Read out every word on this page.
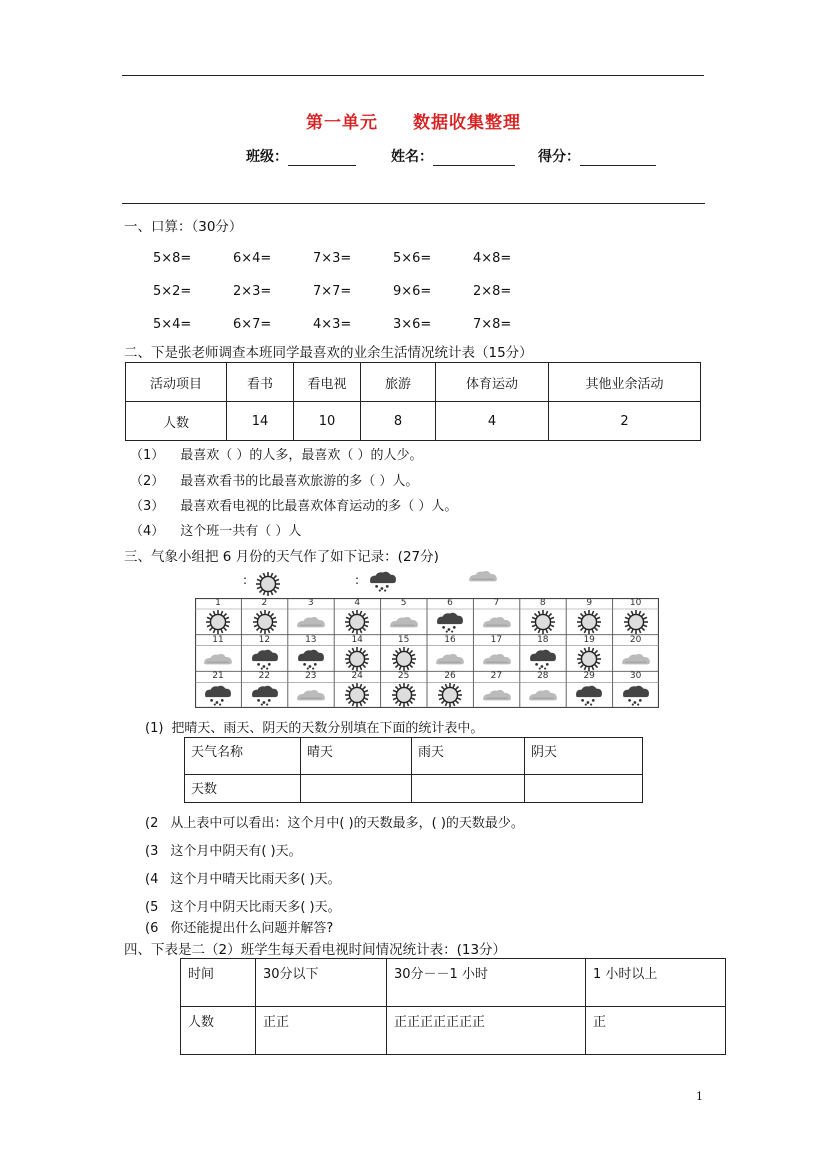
第一单元 数据收集整理
班级：	姓名：	得分：
一、口算：（30分）
5×8=	6×4=	7×3=	5×6=	4×8=
5×2=	2×3=	7×7=	9×6=	2×8=
5×4=	6×7=	4×3=	3×6=	7×8=
二、下是张老师调查本班同学最喜欢的业余生活情况统计表（15分）
活动项目	看书	看电视	旅游	体育运动	其他业余活动
人数	14	10	8	4	2
（1） 最喜欢（ ）的人多，最喜欢（ ）的人少。
（2） 最喜欢看书的比最喜欢旅游的多（ ）人。
（3） 最喜欢看电视的比最喜欢体育运动的多（ ）人。
（4） 这个班一共有（ ）人
三、气象小组把 6 月份的天气作了如下记录：(27分)
:	:
1	2	3	4	5	6	7	8	9	10
11	12	13	14	15	16	17	18	19	20
21	22	23	24	25	26	27	28	29	30
(1) 把晴天、雨天、阴天的天数分别填在下面的统计表中。
天气名称	晴天	雨天	阴天
天数			
(2 从上表中可以看出：这个月中( )的天数最多，( )的天数最少。
(3 这个月中阴天有( )天。
(4 这个月中晴天比雨天多( )天。
(5 这个月中阴天比雨天多( )天。
(6 你还能提出什么问题并解答?
四、下表是二（2）班学生每天看电视时间情况统计表：(13分）
时间	30分以下	30分－－1 小时	1 小时以上
人数	正正	正正正正正正正	正
1
